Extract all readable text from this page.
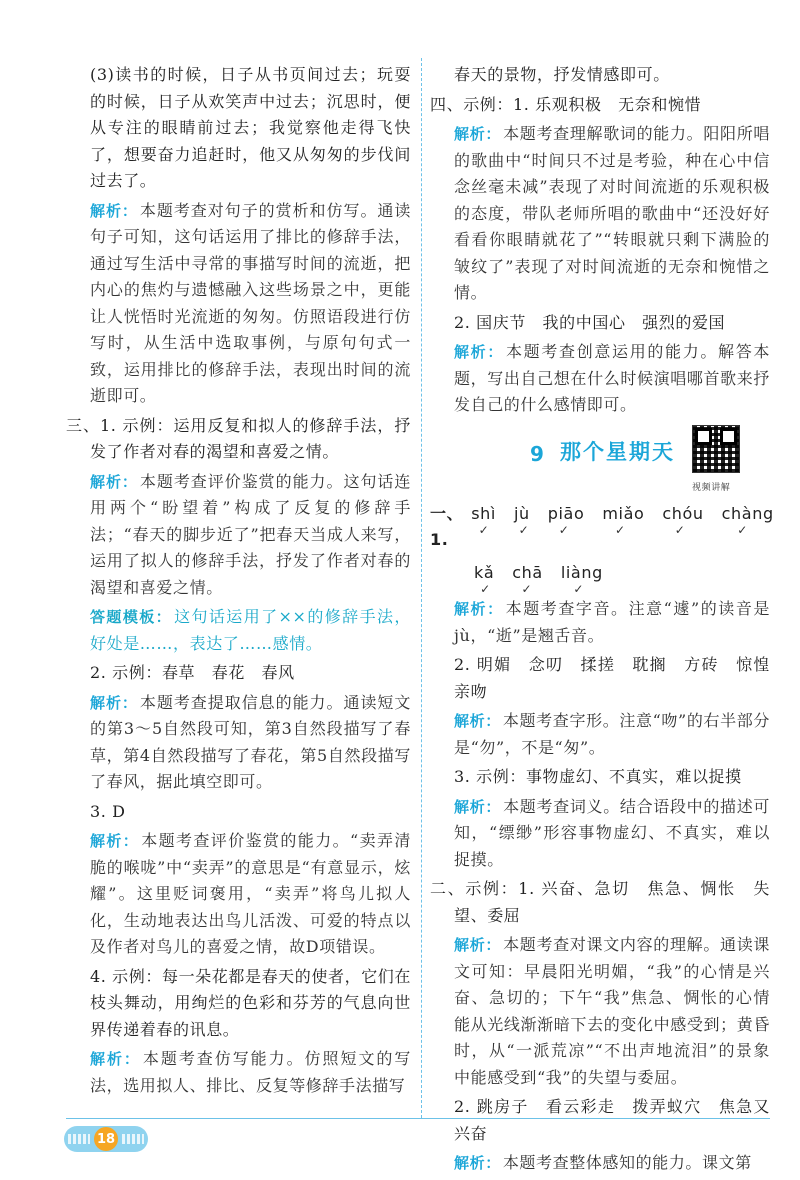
(3)读书的时候，日子从书页间过去；玩耍的时候，日子从欢笑声中过去；沉思时，便从专注的眼睛前过去；我觉察他走得飞快了，想要奋力追赶时，他又从匆匆的步伐间过去了。

解析： 本题考查对句子的赏析和仿写。通读句子可知，这句话运用了排比的修辞手法，通过写生活中寻常的事描写时间的流逝，把内心的焦灼与遗憾融入这些场景之中，更能让人恍悟时光流逝的匆匆。仿照语段进行仿写时，从生活中选取事例，与原句句式一致，运用排比的修辞手法，表现出时间的流逝即可。

三、1. 示例：运用反复和拟人的修辞手法，抒发了作者对春的渴望和喜爱之情。

解析： 本题考查评价鉴赏的能力。这句话连用两个“盼望着”构成了反复的修辞手法；“春天的脚步近了”把春天当成人来写，运用了拟人的修辞手法，抒发了作者对春的渴望和喜爱之情。

答题模板： 这句话运用了××的修辞手法，好处是……，表达了……感情。

2. 示例：春草　春花　春风

解析： 本题考查提取信息的能力。通读短文的第3～5自然段可知，第3自然段描写了春草，第4自然段描写了春花，第5自然段描写了春风，据此填空即可。

3. D

解析： 本题考查评价鉴赏的能力。“卖弄清脆的喉咙”中“卖弄”的意思是“有意显示，炫耀”。这里贬词褒用，“卖弄”将鸟儿拟人化，生动地表达出鸟儿活泼、可爱的特点以及作者对鸟儿的喜爱之情，故D项错误。

4. 示例：每一朵花都是春天的使者，它们在枝头舞动，用绚烂的色彩和芬芳的气息向世界传递着春的讯息。

解析： 本题考查仿写能力。仿照短文的写法，选用拟人、排比、反复等修辞手法描写

春天的景物，抒发情感即可。

四、示例：1. 乐观积极　无奈和惋惜

解析： 本题考查理解歌词的能力。阳阳所唱的歌曲中“时间只不过是考验，种在心中信念丝毫未减”表现了对时间流逝的乐观积极的态度，带队老师所唱的歌曲中“还没好好看看你眼睛就花了”“转眼就只剩下满脸的皱纹了”表现了对时间流逝的无奈和惋惜之情。

2. 国庆节　我的中国心　强烈的爱国

解析： 本题考查创意运用的能力。解答本题，写出自己想在什么时候演唱哪首歌来抒发自己的什么感情即可。

9 那个星期天
视频讲解
一、1.
shì ✓ jù ✓ piāo ✓ miǎo ✓ chóu ✓ chàng ✓
kǎ ✓ chā ✓ liàng ✓

解析： 本题考查字音。注意“遽”的读音是jù，“逝”是翘舌音。

2. 明媚　念叨　揉搓　耽搁　方砖　惊惶　亲吻

解析： 本题考查字形。注意“吻”的右半部分是“勿”，不是“匆”。

3. 示例：事物虚幻、不真实，难以捉摸

解析： 本题考查词义。结合语段中的描述可知，“缥缈”形容事物虚幻、不真实，难以捉摸。

二、示例：1. 兴奋、急切　焦急、惆怅　失望、委屈

解析： 本题考查对课文内容的理解。通读课文可知：早晨阳光明媚，“我”的心情是兴奋、急切的；下午“我”焦急、惆怅的心情能从光线渐渐暗下去的变化中感受到；黄昏时，从“一派荒凉”“不出声地流泪”的景象中能感受到“我”的失望与委屈。

2. 跳房子　看云彩走　拨弄蚁穴　焦急又兴奋

解析： 本题考查整体感知的能力。课文第

18
